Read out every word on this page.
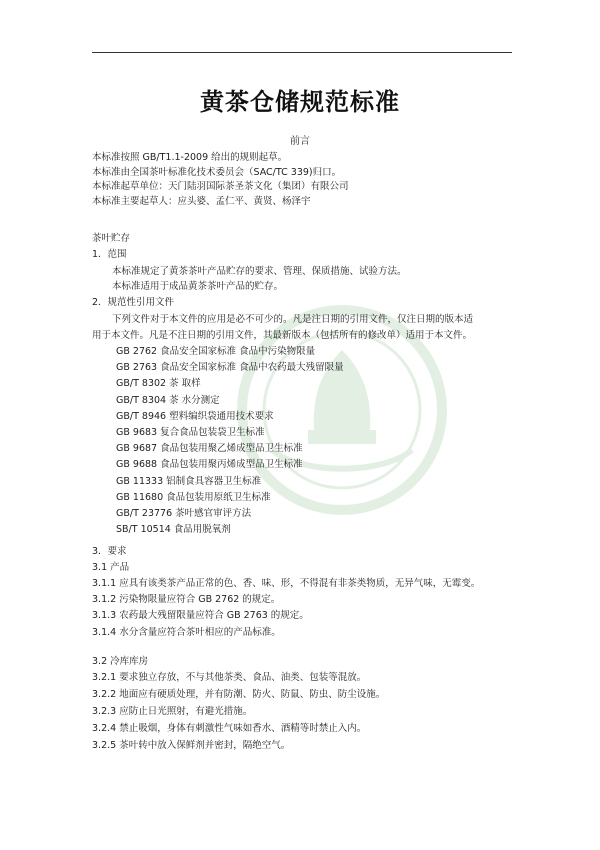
黄茶仓储规范标准
前言
本标准按照 GB/T1.1-2009 给出的规则起草。
本标准由全国茶叶标准化技术委员会（SAC/TC 339)归口。
本标准起草单位：天门陆羽国际茶圣茶文化（集团）有限公司
本标准主要起草人：应头婆、孟仁平、黄贤、杨泽宇
茶叶贮存
1．范围
本标准规定了黄茶茶叶产品贮存的要求、管理、保质措施、试验方法。
本标准适用于成品黄茶茶叶产品的贮存。
2．规范性引用文件
下列文件对于本文件的应用是必不可少的。凡是注日期的引用文件，仅注日期的版本适
用于本文件。凡是不注日期的引用文件，其最新版本（包括所有的修改单）适用于本文件。
GB 2762 食品安全国家标准 食品中污染物限量
GB 2763 食品安全国家标准 食品中农药最大残留限量
GB/T 8302 茶 取样
GB/T 8304 茶 水分测定
GB/T 8946 塑料编织袋通用技术要求
GB 9683 复合食品包装袋卫生标准
GB 9687 食品包装用聚乙烯成型品卫生标准
GB 9688 食品包装用聚丙烯成型品卫生标准
GB 11333 铝制食具容器卫生标准
GB 11680 食品包装用原纸卫生标准
GB/T 23776 茶叶感官审评方法
SB/T 10514 食品用脱氧剂
3．要求
3.1 产品
3.1.1 应具有该类茶产品正常的色、香、味、形，不得混有非茶类物质，无异气味，无霉变。
3.1.2 污染物限量应符合 GB 2762 的规定。
3.1.3 农药最大残留限量应符合 GB 2763 的规定。
3.1.4 水分含量应符合茶叶相应的产品标准。
3.2 冷库库房
3.2.1 要求独立存放，不与其他茶类、食品、油类、包装等混放。
3.2.2 地面应有硬质处理，并有防潮、防火、防鼠、防虫、防尘设施。
3.2.3 应防止日光照射，有避光措施。
3.2.4 禁止吸烟，身体有刺激性气味如香水、酒精等时禁止入内。
3.2.5 茶叶转中放入保鲜剂并密封，隔绝空气。
